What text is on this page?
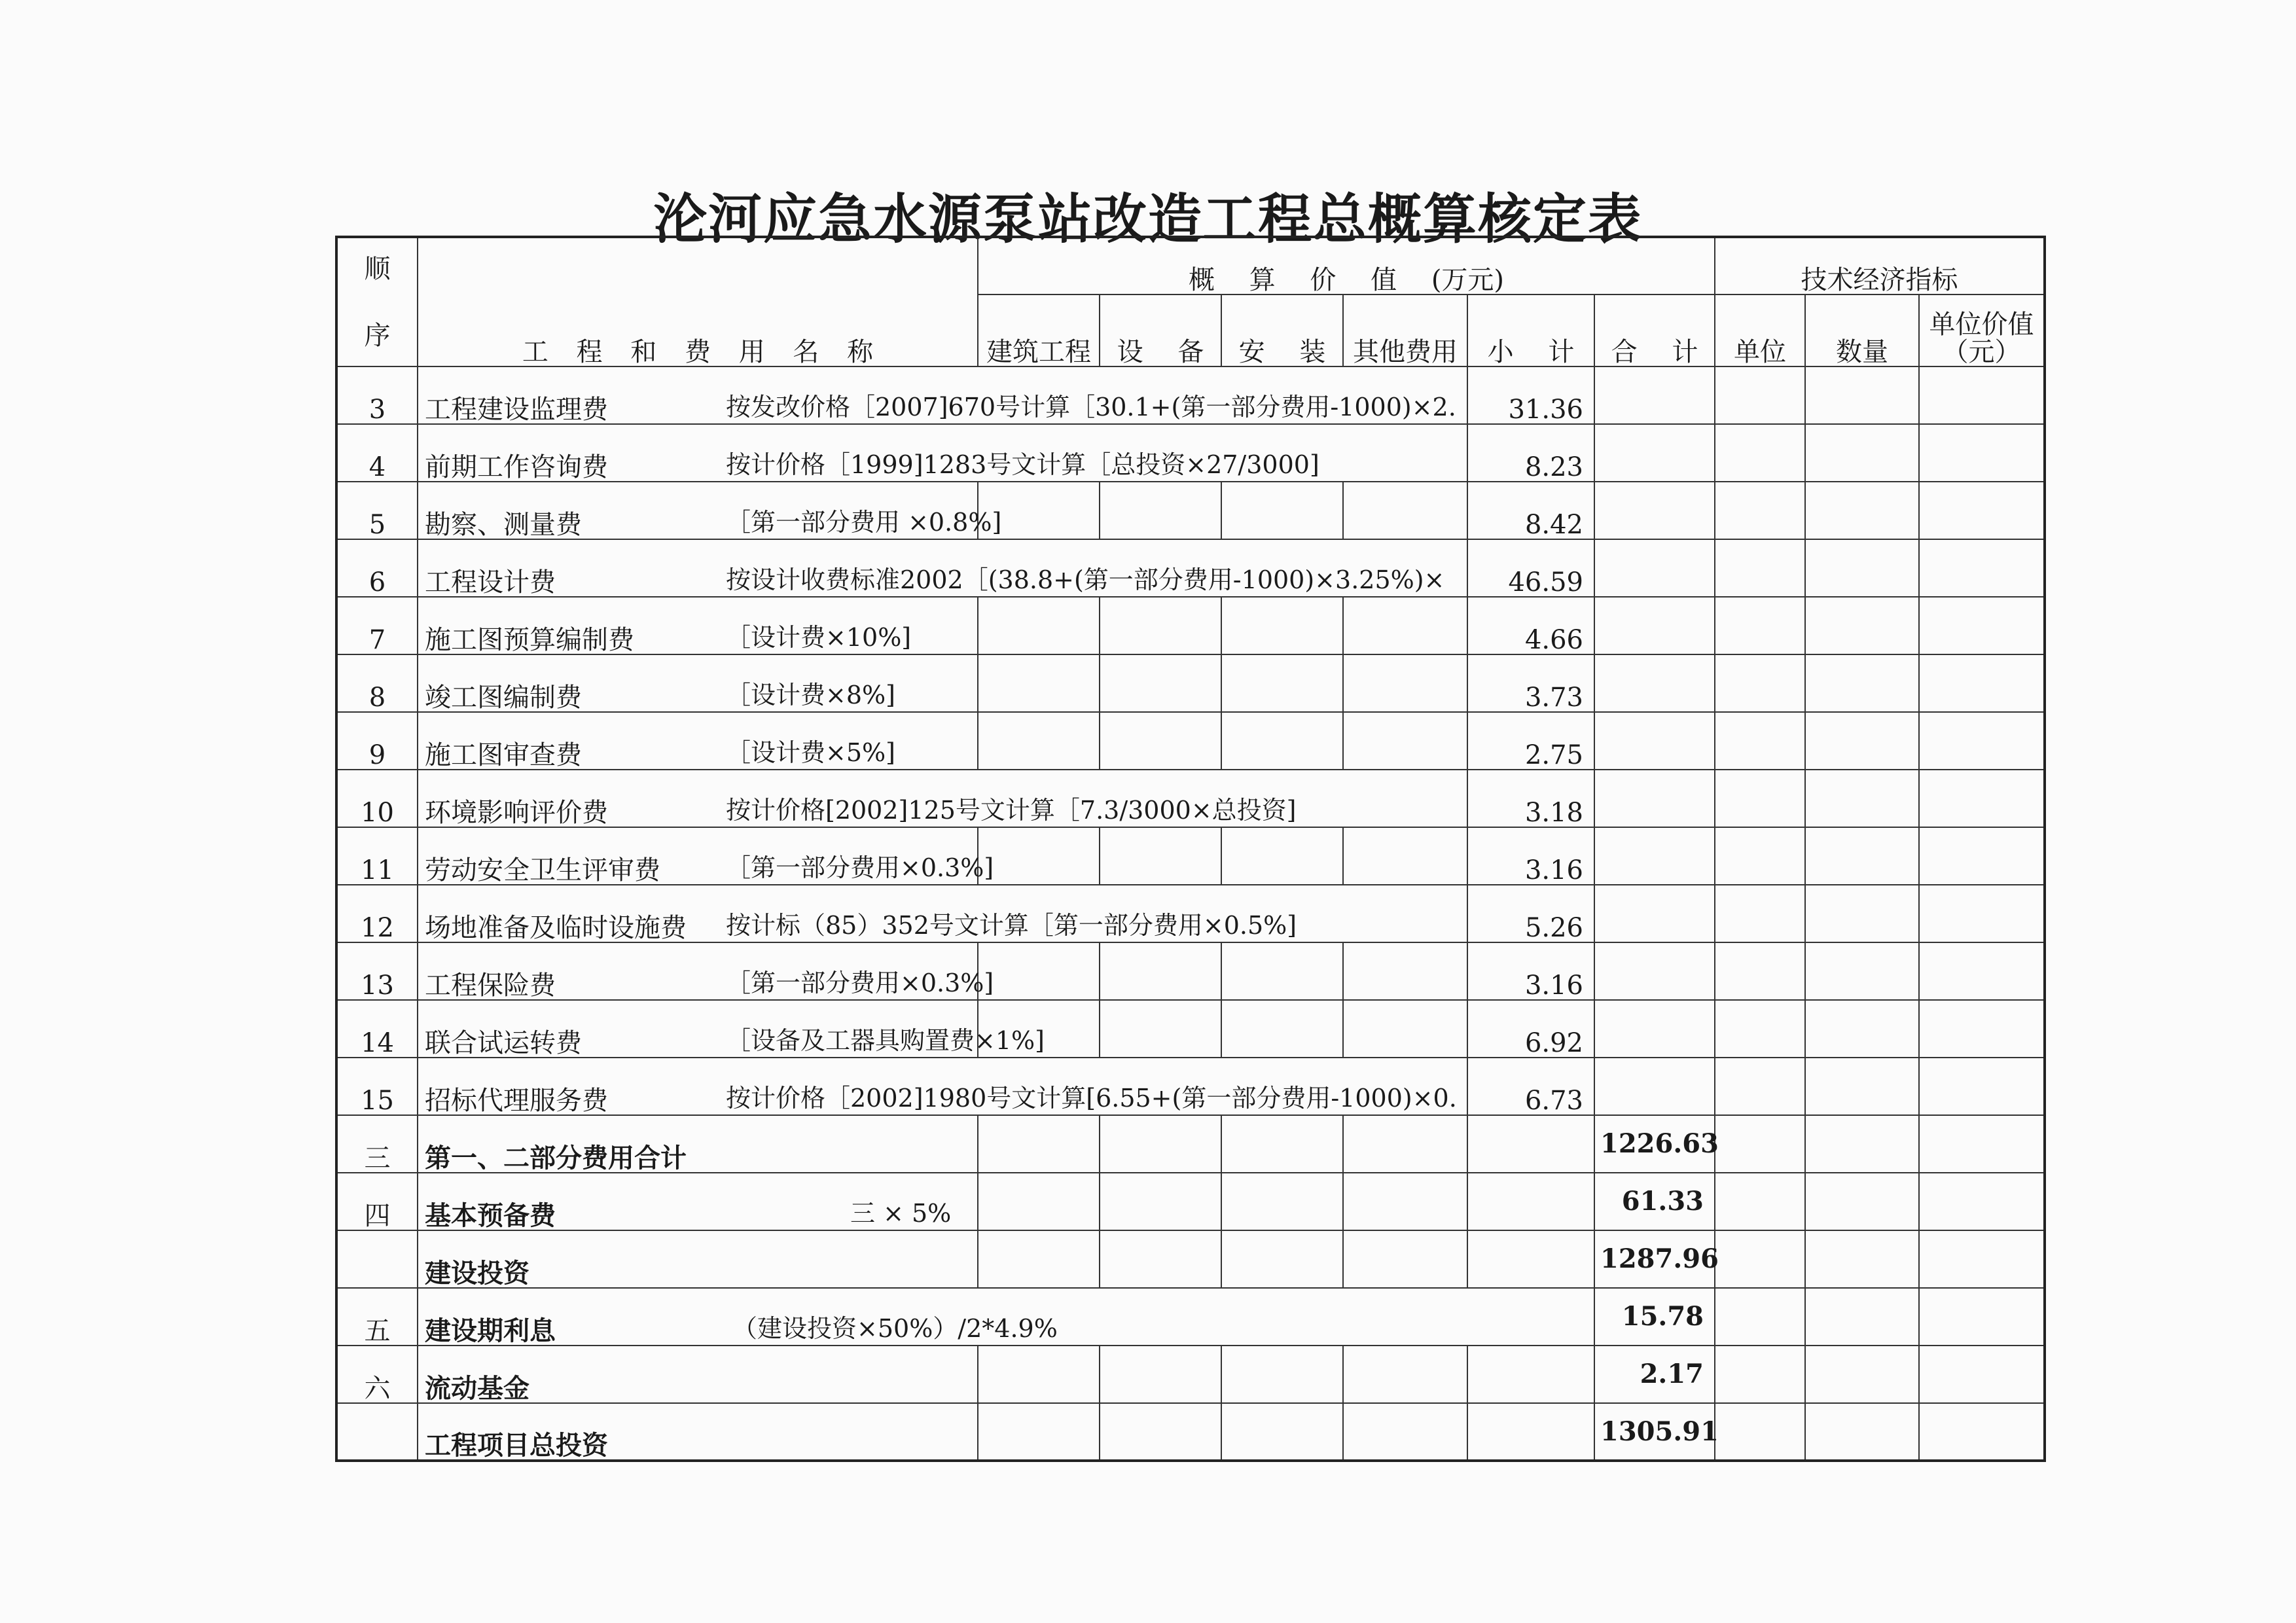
沦河应急水源泵站改造工程总概算核定表
顺
序	工 程 和 费 用 名 称	概 算 价 值 (万元)						技术经济指标		
		建筑工程	设 备	安 装	其他费用	小 计	合 计	单位	数量	单位价值（元）
3	工程建设监理费 按发改价格［2007]670号计算［30.1+(第一部分费用-1000)×2.					31.36				
4	前期工作咨询费 按计价格［1999]1283号文计算［总投资×27/3000]					8.23				
5	勘察、测量费 ［第一部分费用 ×0.8%]					8.42				
6	工程设计费 按设计收费标准2002［(38.8+(第一部分费用-1000)×3.25%)×					46.59				
7	施工图预算编制费 ［设计费×10%]					4.66				
8	竣工图编制费 ［设计费×8%]					3.73				
9	施工图审查费 ［设计费×5%]					2.75				
10	环境影响评价费 按计价格[2002]125号文计算［7.3/3000×总投资]					3.18				
11	劳动安全卫生评审费 ［第一部分费用×0.3%]					3.16				
12	场地准备及临时设施费 按计标（85）352号文计算［第一部分费用×0.5%]					5.26				
13	工程保险费 ［第一部分费用×0.3%]					3.16				
14	联合试运转费 ［设备及工器具购置费×1%]					6.92				
15	招标代理服务费 按计价格［2002]1980号文计算[6.55+(第一部分费用-1000)×0.					6.73				
三	第一、二部分费用合计						1226.63			
四	基本预备费 三 × 5%						61.33			
	建设投资						1287.96			
五	建设期利息 （建设投资×50%）/2*4.9%						15.78			
六	流动基金						2.17			
	工程项目总投资						1305.91			
